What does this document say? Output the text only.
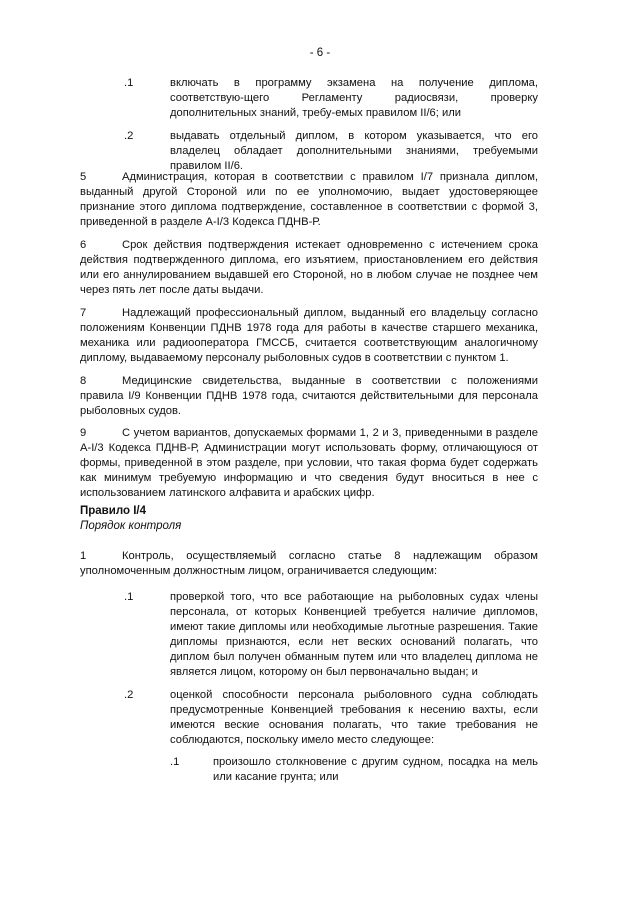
- 6 -
.1	включать в программу экзамена на получение диплома, соответствую-щего Регламенту радиосвязи, проверку дополнительных знаний, требу-емых правилом II/6; или
.2	выдавать отдельный диплом, в котором указывается, что его владелец обладает дополнительными знаниями, требуемыми правилом II/6.
5	Администрация, которая в соответствии с правилом I/7 признала диплом, выданный другой Стороной или по ее уполномочию, выдает удостоверяющее признание этого диплома подтверждение, составленное в соответствии с формой 3, приведенной в разделе A-I/3 Кодекса ПДНВ-Р.
6	Срок действия подтверждения истекает одновременно с истечением срока действия подтвержденного диплома, его изъятием, приостановлением его действия или его аннулированием выдавшей его Стороной, но в любом случае не позднее чем через пять лет после даты выдачи.
7	Надлежащий профессиональный диплом, выданный его владельцу согласно положениям Конвенции ПДНВ 1978 года для работы в качестве старшего механика, механика или радиооператора ГМССБ, считается соответствующим аналогичному диплому, выдаваемому персоналу рыболовных судов в соответствии с пунктом 1.
8	Медицинские свидетельства, выданные в соответствии с положениями правила I/9 Конвенции ПДНВ 1978 года, считаются действительными для персонала рыболовных судов.
9	С учетом вариантов, допускаемых формами 1, 2 и 3, приведенными в разделе A-I/3 Кодекса ПДНВ-Р, Администрации могут использовать форму, отличающуюся от формы, приведенной в этом разделе, при условии, что такая форма будет содержать как минимум требуемую информацию и что сведения будут вноситься в нее с использованием латинского алфавита и арабских цифр.
Правило I/4
Порядок контроля
1	Контроль, осуществляемый согласно статье 8 надлежащим образом уполномоченным должностным лицом, ограничивается следующим:
.1	проверкой того, что все работающие на рыболовных судах члены персонала, от которых Конвенцией требуется наличие дипломов, имеют такие дипломы или необходимые льготные разрешения. Такие дипломы признаются, если нет веских оснований полагать, что диплом был получен обманным путем или что владелец диплома не является лицом, которому он был первоначально выдан; и
.2	оценкой способности персонала рыболовного судна соблюдать предусмотренные Конвенцией требования к несению вахты, если имеются веские основания полагать, что такие требования не соблюдаются, поскольку имело место следующее:
.1	произошло столкновение с другим судном, посадка на мель или касание грунта; или
